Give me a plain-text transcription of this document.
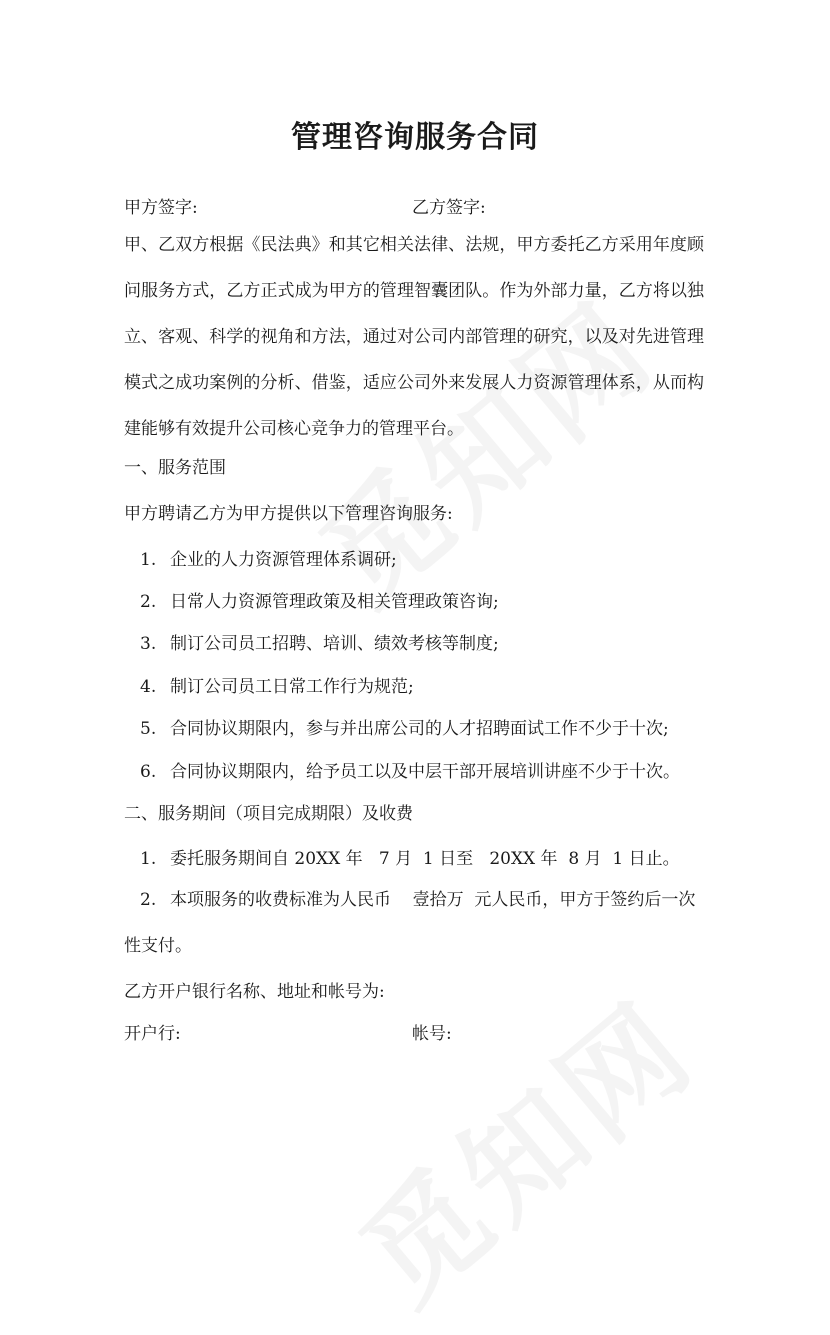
管理咨询服务合同
甲方签字:	乙方签字:
甲、乙双方根据《民法典》和其它相关法律、法规，甲方委托乙方采用年度顾问服务方式，乙方正式成为甲方的管理智囊团队。作为外部力量，乙方将以独立、客观、科学的视角和方法，通过对公司内部管理的研究，以及对先进管理模式之成功案例的分析、借鉴，适应公司外来发展人力资源管理体系，从而构建能够有效提升公司核心竞争力的管理平台。
一、服务范围
甲方聘请乙方为甲方提供以下管理咨询服务:
1. 企业的人力资源管理体系调研;
2. 日常人力资源管理政策及相关管理政策咨询;
3. 制订公司员工招聘、培训、绩效考核等制度;
4. 制订公司员工日常工作行为规范;
5. 合同协议期限内，参与并出席公司的人才招聘面试工作不少于十次;
6. 合同协议期限内，给予员工以及中层干部开展培训讲座不少于十次。
二、服务期间（项目完成期限）及收费
1. 委托服务期间自 20XX 年   7 月  1 日至   20XX 年  8 月  1 日止。
2. 本项服务的收费标准为人民币    壹拾万  元人民币，甲方于签约后一次性支付。
乙方开户银行名称、地址和帐号为:
开户行:	帐号:
